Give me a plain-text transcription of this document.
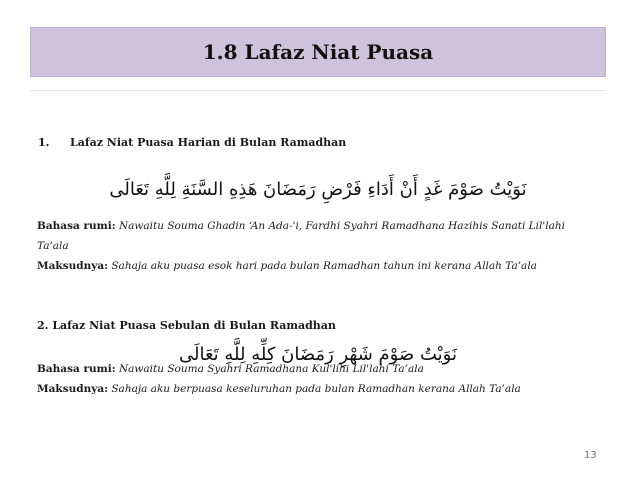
1.8 Lafaz Niat Puasa
1. Lafaz Niat Puasa Harian di Bulan Ramadhan
نَوَيْتُ صَوْمَ غَدٍ أَنْ أَدَاءِ فَرْضِ رَمَضَانَ هَذِهِ السَّنَةِ لِلَّهِ تَعَالَى
Bahasa rumi: Nawaitu Souma Ghadin ‘An Ada-'i, Fardhi Syahri Ramadhana Hazihis Sanati Lil'lahi Ta’ala
Maksudnya: Sahaja aku puasa esok hari pada bulan Ramadhan tahun ini kerana Allah Ta’ala
2. Lafaz Niat Puasa Sebulan di Bulan Ramadhan
نَوَيْتُ صَوْمَ شَهْرِ رَمَضَانَ كِلِّهِ لِلَّهِ تَعَالَى
Bahasa rumi: Nawaitu Souma Syahri Ramadhana Kul'lihi Lil'lahi Ta’ala
Maksudnya: Sahaja aku berpuasa keseluruhan pada bulan Ramadhan kerana Allah Ta’ala
13
